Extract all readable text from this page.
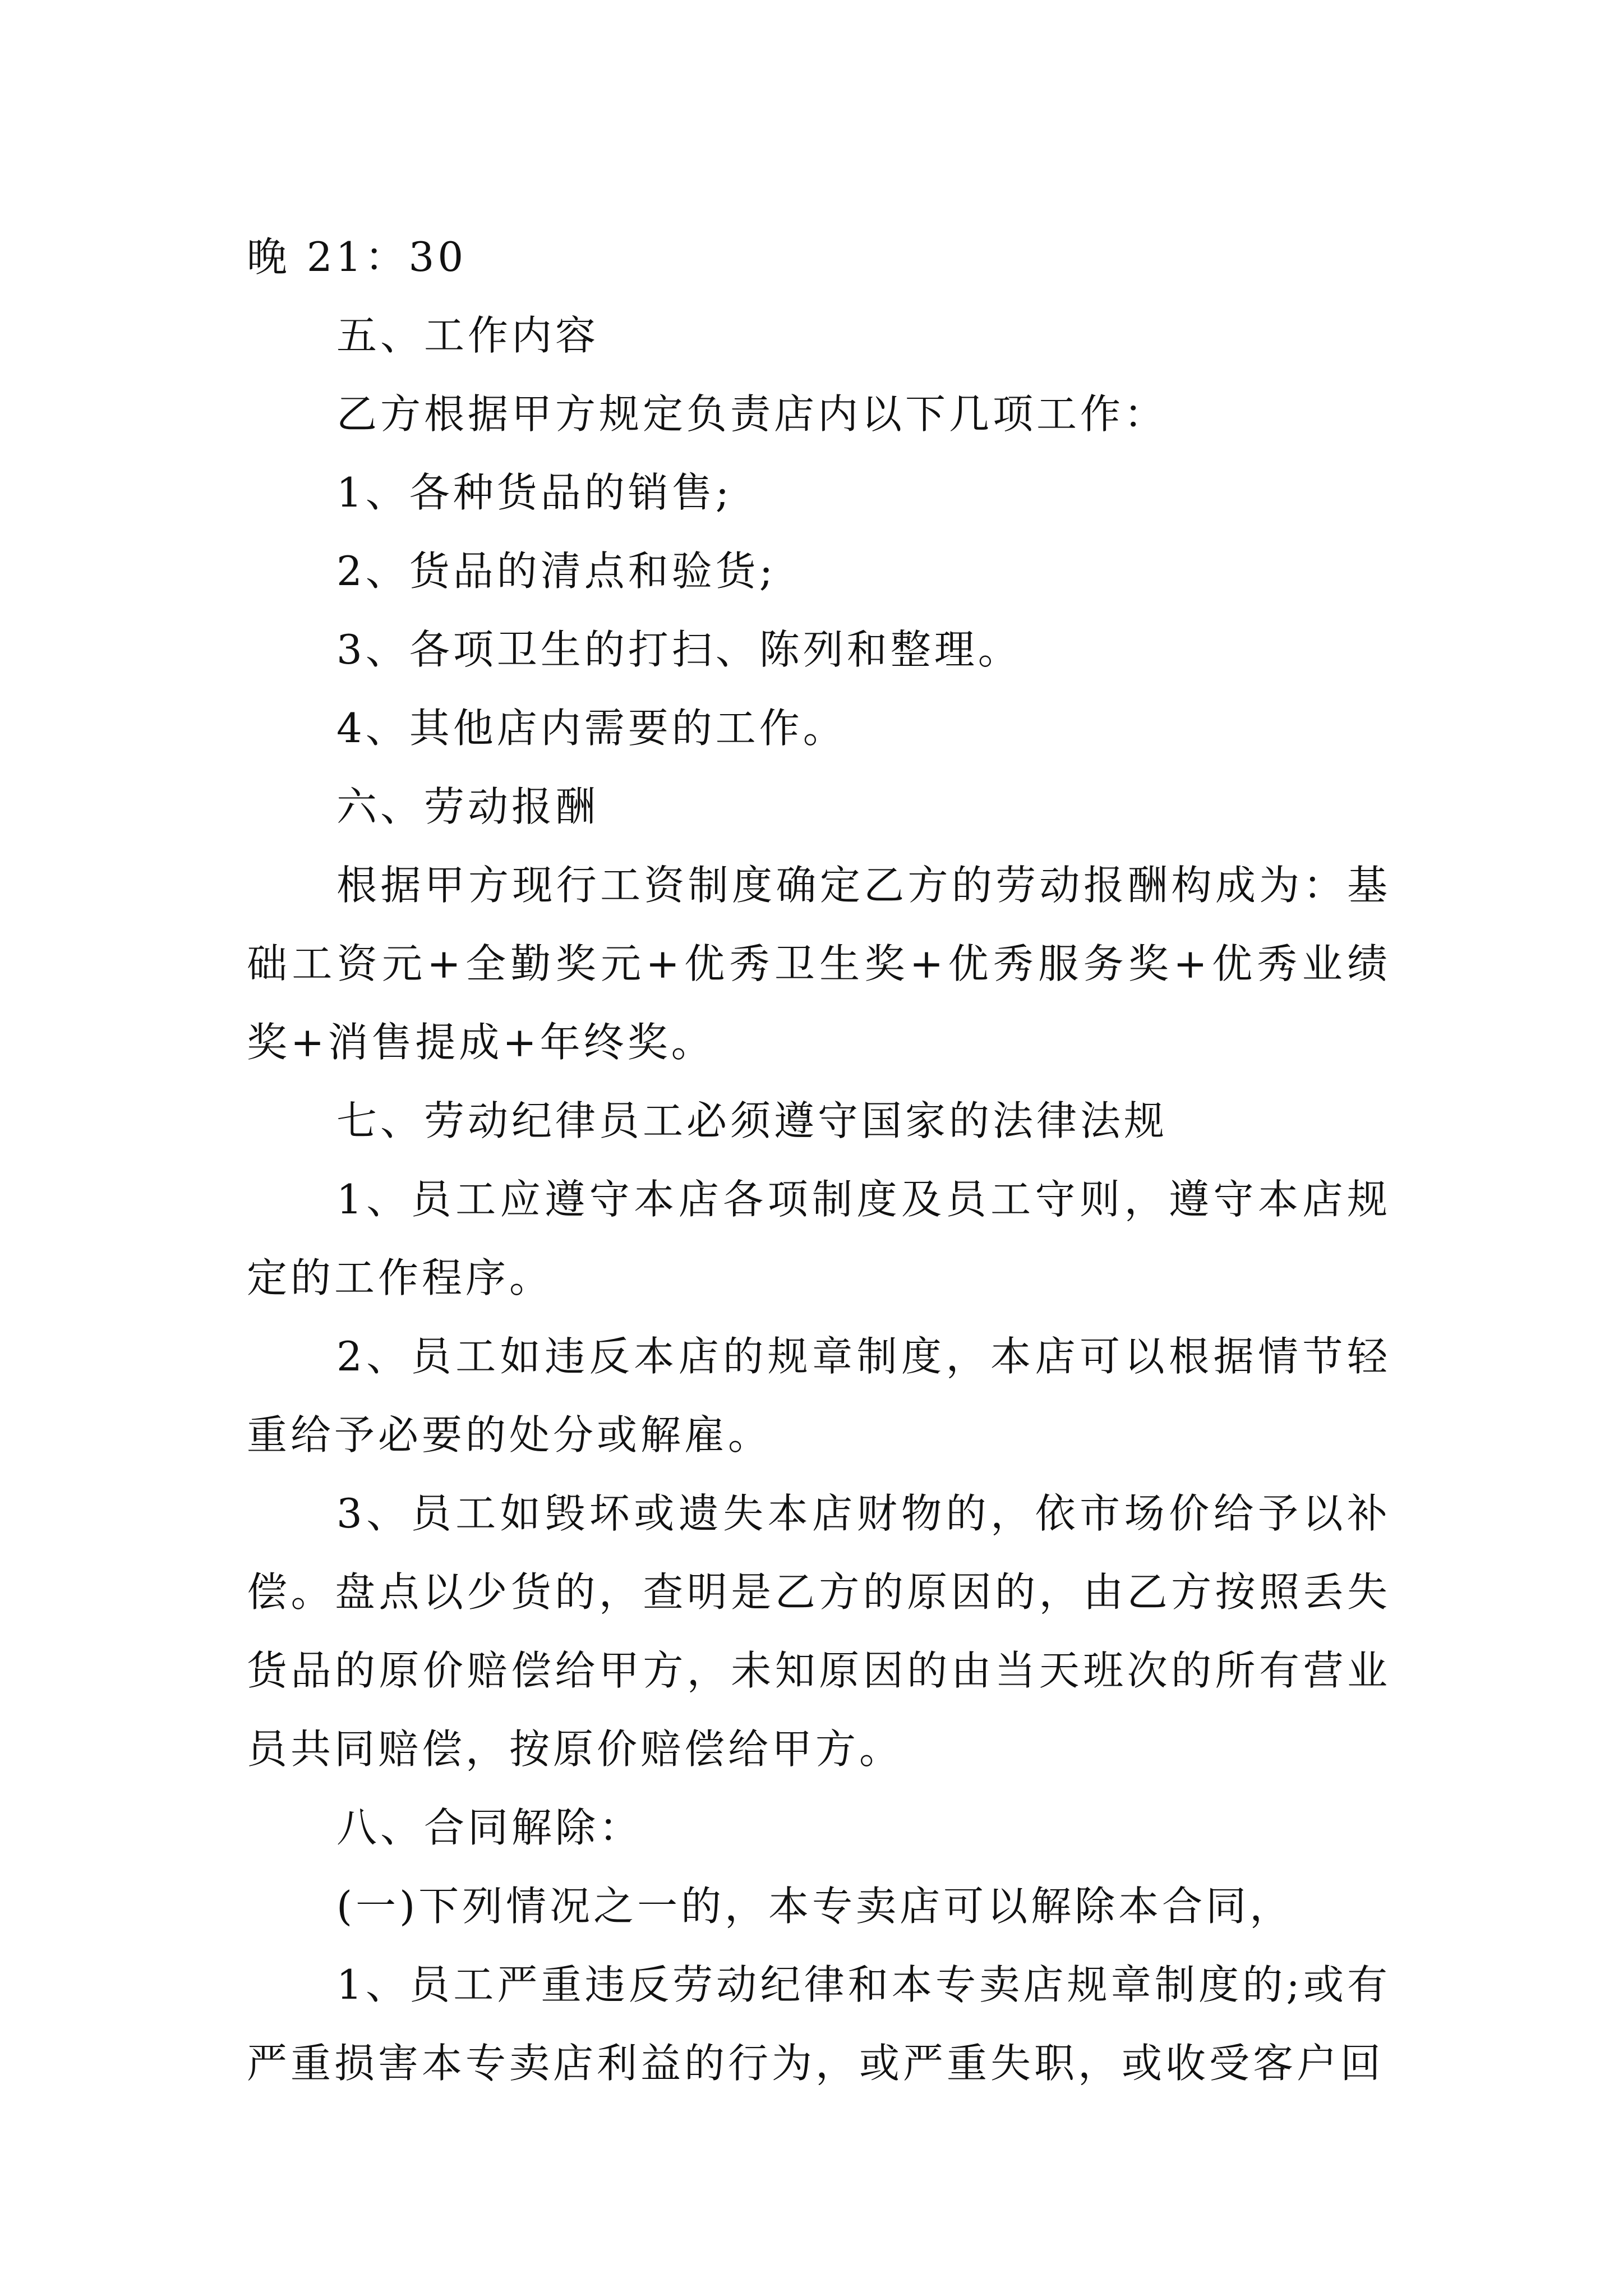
晚 21：30

五、工作内容

乙方根据甲方规定负责店内以下几项工作：

1、各种货品的销售;

2、货品的清点和验货;

3、各项卫生的打扫、陈列和整理。

4、其他店内需要的工作。

六、劳动报酬

根据甲方现行工资制度确定乙方的劳动报酬构成为：基础工资元+全勤奖元+优秀卫生奖+优秀服务奖+优秀业绩奖+消售提成+年终奖。

七、劳动纪律员工必须遵守国家的法律法规

1、员工应遵守本店各项制度及员工守则，遵守本店规定的工作程序。

2、员工如违反本店的规章制度，本店可以根据情节轻重给予必要的处分或解雇。

3、员工如毁坏或遗失本店财物的，依市场价给予以补偿。盘点以少货的，查明是乙方的原因的，由乙方按照丢失货品的原价赔偿给甲方，未知原因的由当天班次的所有营业员共同赔偿，按原价赔偿给甲方。

八、合同解除：

(一)下列情况之一的，本专卖店可以解除本合同，

1、员工严重违反劳动纪律和本专卖店规章制度的;或有严重损害本专卖店利益的行为，或严重失职，或收受客户回
